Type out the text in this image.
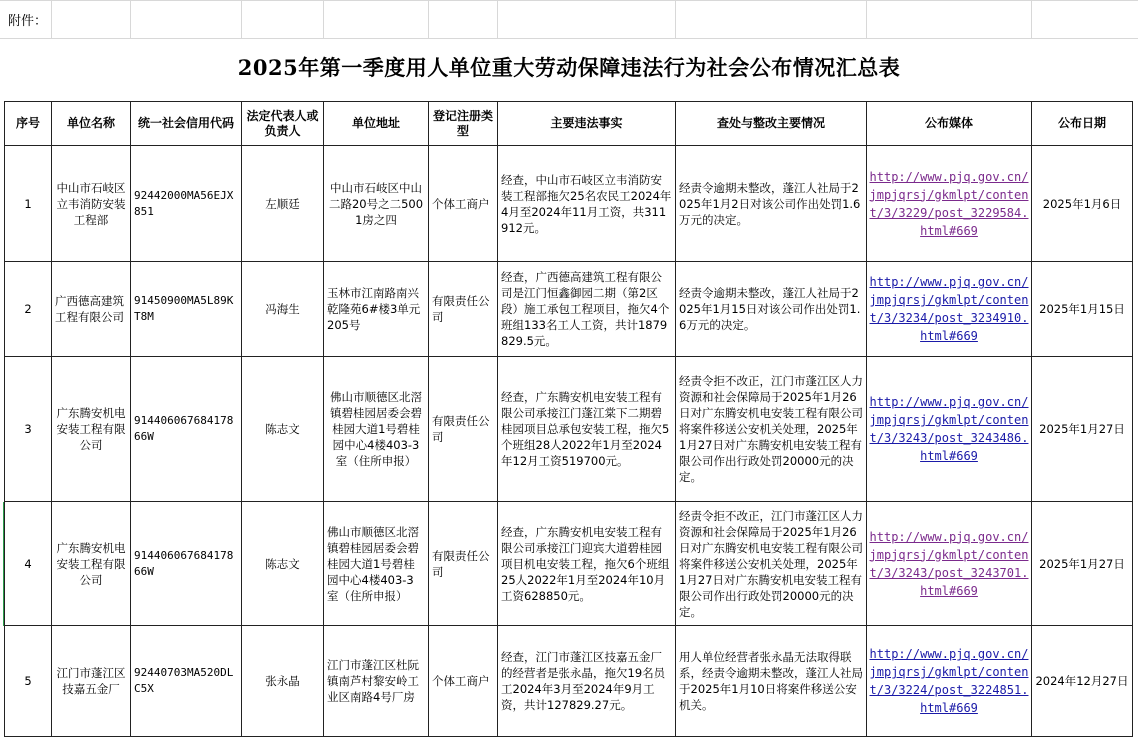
附件：
2025年第一季度用人单位重大劳动保障违法行为社会公布情况汇总表
序号	单位名称	统一社会信用代码	法定代表人或负责人	单位地址	登记注册类型	主要违法事实	查处与整改主要情况	公布媒体	公布日期
1	中山市石岐区立韦消防安装工程部	92442000MA56EJX851	左顺廷	中山市石岐区中山二路20号之二5001房之四	个体工商户	经查，中山市石岐区立韦消防安装工程部拖欠25名农民工2024年4月至2024年11月工资，共311912元。	经责令逾期未整改，蓬江人社局于2025年1月2日对该公司作出处罚1.6万元的决定。	http://www.pjq.gov.cn/jmpjqrsj/gkmlpt/content/3/3229/post_3229584.html#669	2025年1月6日
2	广西德高建筑工程有限公司	91450900MA5L89KT8M	冯海生	玉林市江南路南兴乾隆苑6#楼3单元205号	有限责任公司	经查，广西德高建筑工程有限公司是江门恒鑫御园二期（第2区段）施工承包工程项目，拖欠4个班组133名工人工资，共计1879829.5元。	经责令逾期未整改，蓬江人社局于2025年1月15日对该公司作出处罚1.6万元的决定。	http://www.pjq.gov.cn/jmpjqrsj/gkmlpt/content/3/3234/post_3234910.html#669	2025年1月15日
3	广东腾安机电安装工程有限公司	91440606768417866W	陈志文	佛山市顺德区北滘镇碧桂园居委会碧桂园大道1号碧桂园中心4楼403-3室（住所申报）	有限责任公司	经查，广东腾安机电安装工程有限公司承接江门蓬江棠下二期碧桂园项目总承包安装工程，拖欠5个班组28人2022年1月至2024年12月工资519700元。	经责令拒不改正，江门市蓬江区人力资源和社会保障局于2025年1月26日对广东腾安机电安装工程有限公司将案件移送公安机关处理，2025年1月27日对广东腾安机电安装工程有限公司作出行政处罚20000元的决定。	http://www.pjq.gov.cn/jmpjqrsj/gkmlpt/content/3/3243/post_3243486.html#669	2025年1月27日
4	广东腾安机电安装工程有限公司	91440606768417866W	陈志文	佛山市顺德区北滘镇碧桂园居委会碧桂园大道1号碧桂园中心4楼403-3室（住所申报）	有限责任公司	经查，广东腾安机电安装工程有限公司承接江门迎宾大道碧桂园项目机电安装工程，拖欠6个班组25人2022年1月至2024年10月工资628850元。	经责令拒不改正，江门市蓬江区人力资源和社会保障局于2025年1月26日对广东腾安机电安装工程有限公司将案件移送公安机关处理，2025年1月27日对广东腾安机电安装工程有限公司作出行政处罚20000元的决定。	http://www.pjq.gov.cn/jmpjqrsj/gkmlpt/content/3/3243/post_3243701.html#669	2025年1月27日
5	江门市蓬江区技嘉五金厂	92440703MA520DLC5X	张永晶	江门市蓬江区杜阮镇南芦村黎安岭工业区南路4号厂房	个体工商户	经查，江门市蓬江区技嘉五金厂的经营者是张永晶，拖欠19名员工2024年3月至2024年9月工资，共计127829.27元。	用人单位经营者张永晶无法取得联系，经责令逾期未整改，蓬江人社局于2025年1月10日将案件移送公安机关。	http://www.pjq.gov.cn/jmpjqrsj/gkmlpt/content/3/3224/post_3224851.html#669	2024年12月27日
